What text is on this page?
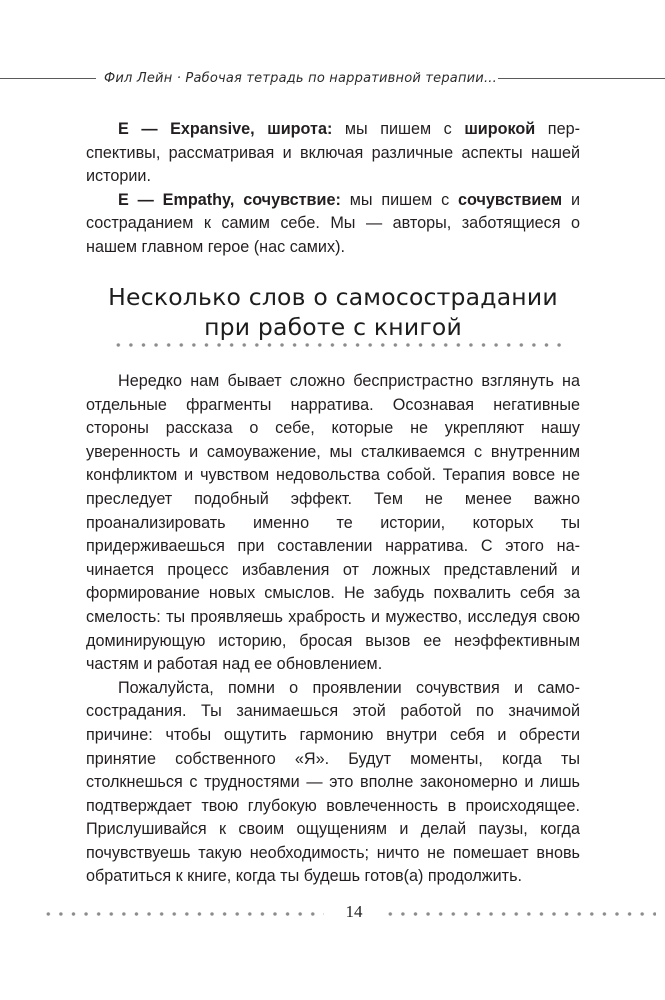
Фил Лейн · Рабочая тетрадь по нарративной терапии...

E — Expansive, широта: мы пишем с широкой перспективы, рассматривая и включая различные аспекты нашей истории.

E — Empathy, сочувствие: мы пишем с сочувствием и состраданием к самим себе. Мы — авторы, заботящиеся о нашем главном герое (нас самих).

Несколько слов о самосострадании
при работе с книгой

Нередко нам бывает сложно беспристрастно взглянуть на отдельные фрагменты нарратива. Осознавая негативные стороны рассказа о себе, которые не укрепляют нашу уверенность и самоуважение, мы сталкиваемся с внутренним конфликтом и чувством недовольства собой. Терапия вовсе не преследует подобный эффект. Тем не менее важно проанализировать именно те истории, которых ты придерживаешься при составлении нарратива. С этого начинается процесс избавления от ложных представлений и формирование новых смыслов. Не забудь похвалить себя за смелость: ты проявляешь храбрость и мужество, исследуя свою доминирующую историю, бросая вызов ее неэффективным частям и работая над ее обновлением.

Пожалуйста, помни о проявлении сочувствия и самосострадания. Ты занимаешься этой работой по значимой причине: чтобы ощутить гармонию внутри себя и обрести принятие собственного «Я». Будут моменты, когда ты столкнешься с трудностями — это вполне закономерно и лишь подтверждает твою глубокую вовлеченность в происходящее. Прислушивайся к своим ощущениям и делай паузы, когда почувствуешь такую необходимость; ничто не помешает вновь обратиться к книге, когда ты будешь готов(а) продолжить.

14
